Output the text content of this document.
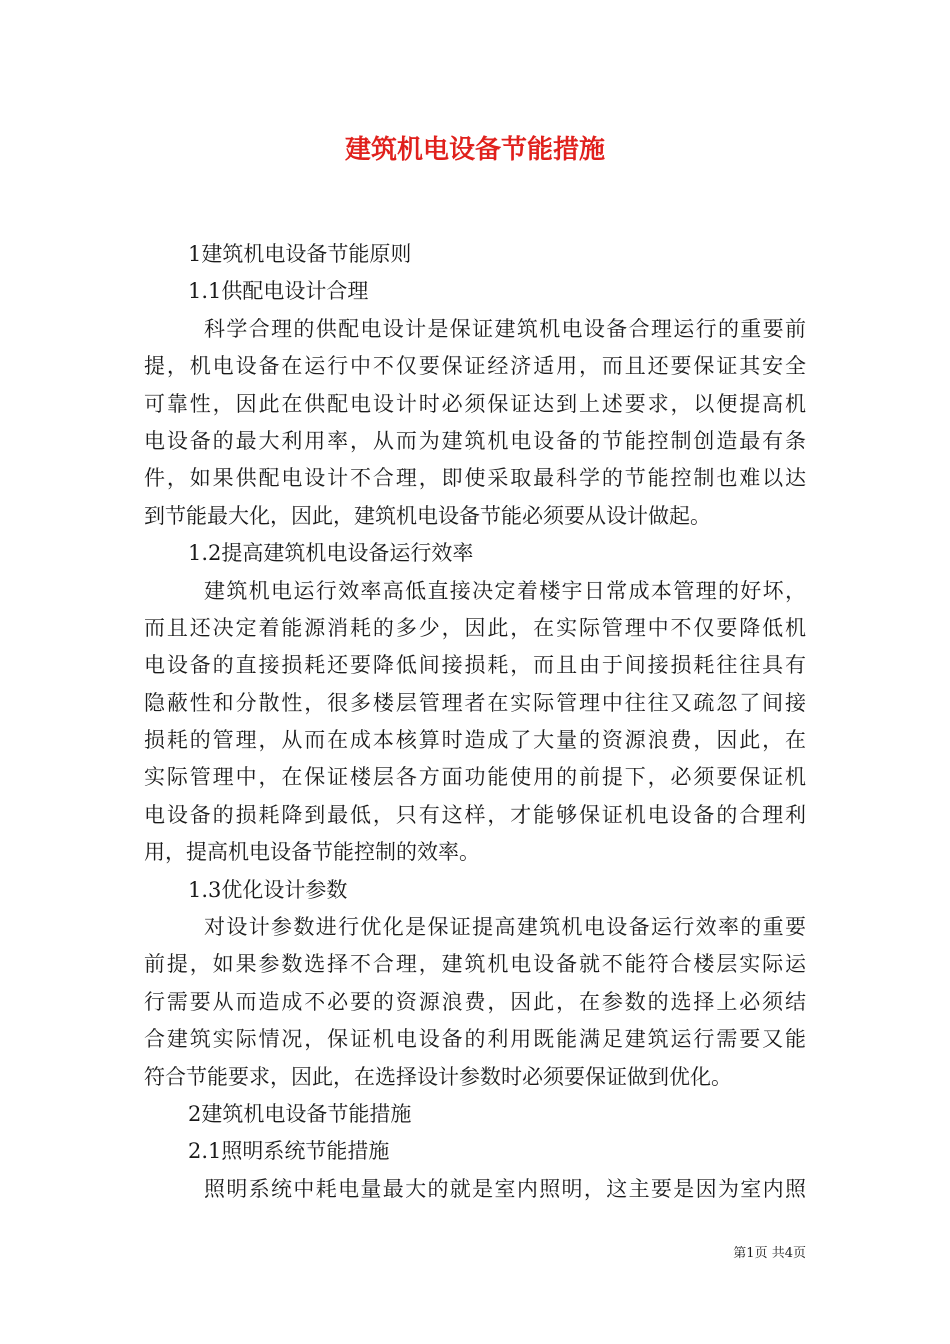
建筑机电设备节能措施
1建筑机电设备节能原则
1.1供配电设计合理
科学合理的供配电设计是保证建筑机电设备合理运行的重要前
提，机电设备在运行中不仅要保证经济适用，而且还要保证其安全
可靠性，因此在供配电设计时必须保证达到上述要求，以便提高机
电设备的最大利用率，从而为建筑机电设备的节能控制创造最有条
件，如果供配电设计不合理，即使采取最科学的节能控制也难以达
到节能最大化，因此，建筑机电设备节能必须要从设计做起。
1.2提高建筑机电设备运行效率
建筑机电运行效率高低直接决定着楼宇日常成本管理的好坏，
而且还决定着能源消耗的多少，因此，在实际管理中不仅要降低机
电设备的直接损耗还要降低间接损耗，而且由于间接损耗往往具有
隐蔽性和分散性，很多楼层管理者在实际管理中往往又疏忽了间接
损耗的管理，从而在成本核算时造成了大量的资源浪费，因此，在
实际管理中，在保证楼层各方面功能使用的前提下，必须要保证机
电设备的损耗降到最低，只有这样，才能够保证机电设备的合理利
用，提高机电设备节能控制的效率。
1.3优化设计参数
对设计参数进行优化是保证提高建筑机电设备运行效率的重要
前提，如果参数选择不合理，建筑机电设备就不能符合楼层实际运
行需要从而造成不必要的资源浪费，因此，在参数的选择上必须结
合建筑实际情况，保证机电设备的利用既能满足建筑运行需要又能
符合节能要求，因此，在选择设计参数时必须要保证做到优化。
2建筑机电设备节能措施
2.1照明系统节能措施
照明系统中耗电量最大的就是室内照明，这主要是因为室内照
第1页 共4页
